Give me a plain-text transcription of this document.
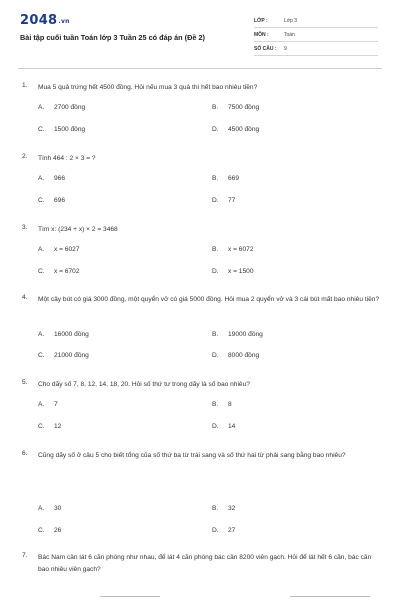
2048.vn
Bài tập cuối tuần Toán lớp 3 Tuần 25 có đáp án (Đề 2)
LỚP :	Lớp 3
MÔN :	Toán
SỐ CÂU : 9
1. Mua 5 quả trứng hết 4500 đồng. Hỏi nếu mua 3 quả thì hết bao nhiêu tiền?
A. 2700 đồng	B. 7500 đồng
C. 1500 đồng	D. 4500 đồng
2. Tính 464 : 2 × 3 = ?
A. 966	B. 669
C. 696	D. 77
3. Tìm x: (234 + x) × 2 = 3468
A. x = 6027	B. x = 6072
C. x = 6702	D. x = 1500
4. Một cây bút có giá 3000 đồng, một quyển vở có giá 5000 đồng. Hỏi mua 2 quyển vở và 3 cái bút mất bao nhiêu tiền?
A. 16000 đồng	B. 19000 đồng
C. 21000 đồng	D. 8000 đồng
5. Cho dãy số 7, 8, 12, 14, 18, 20. Hỏi số thứ tư trong dãy là số bao nhiêu?
A. 7	B. 8
C. 12	D. 14
6. Cũng dãy số ở câu 5 cho biết tổng của số thứ ba từ trái sang và số thứ hai từ phải sang bằng bao nhiêu?
A. 30	B. 32
C. 26	D. 27
7. Bác Nam cần lát 6 căn phòng như nhau, để lát 4 căn phòng bác cần 8200 viên gạch. Hỏi để lát hết 6 căn, bác cần bao nhiêu viên gạch?
